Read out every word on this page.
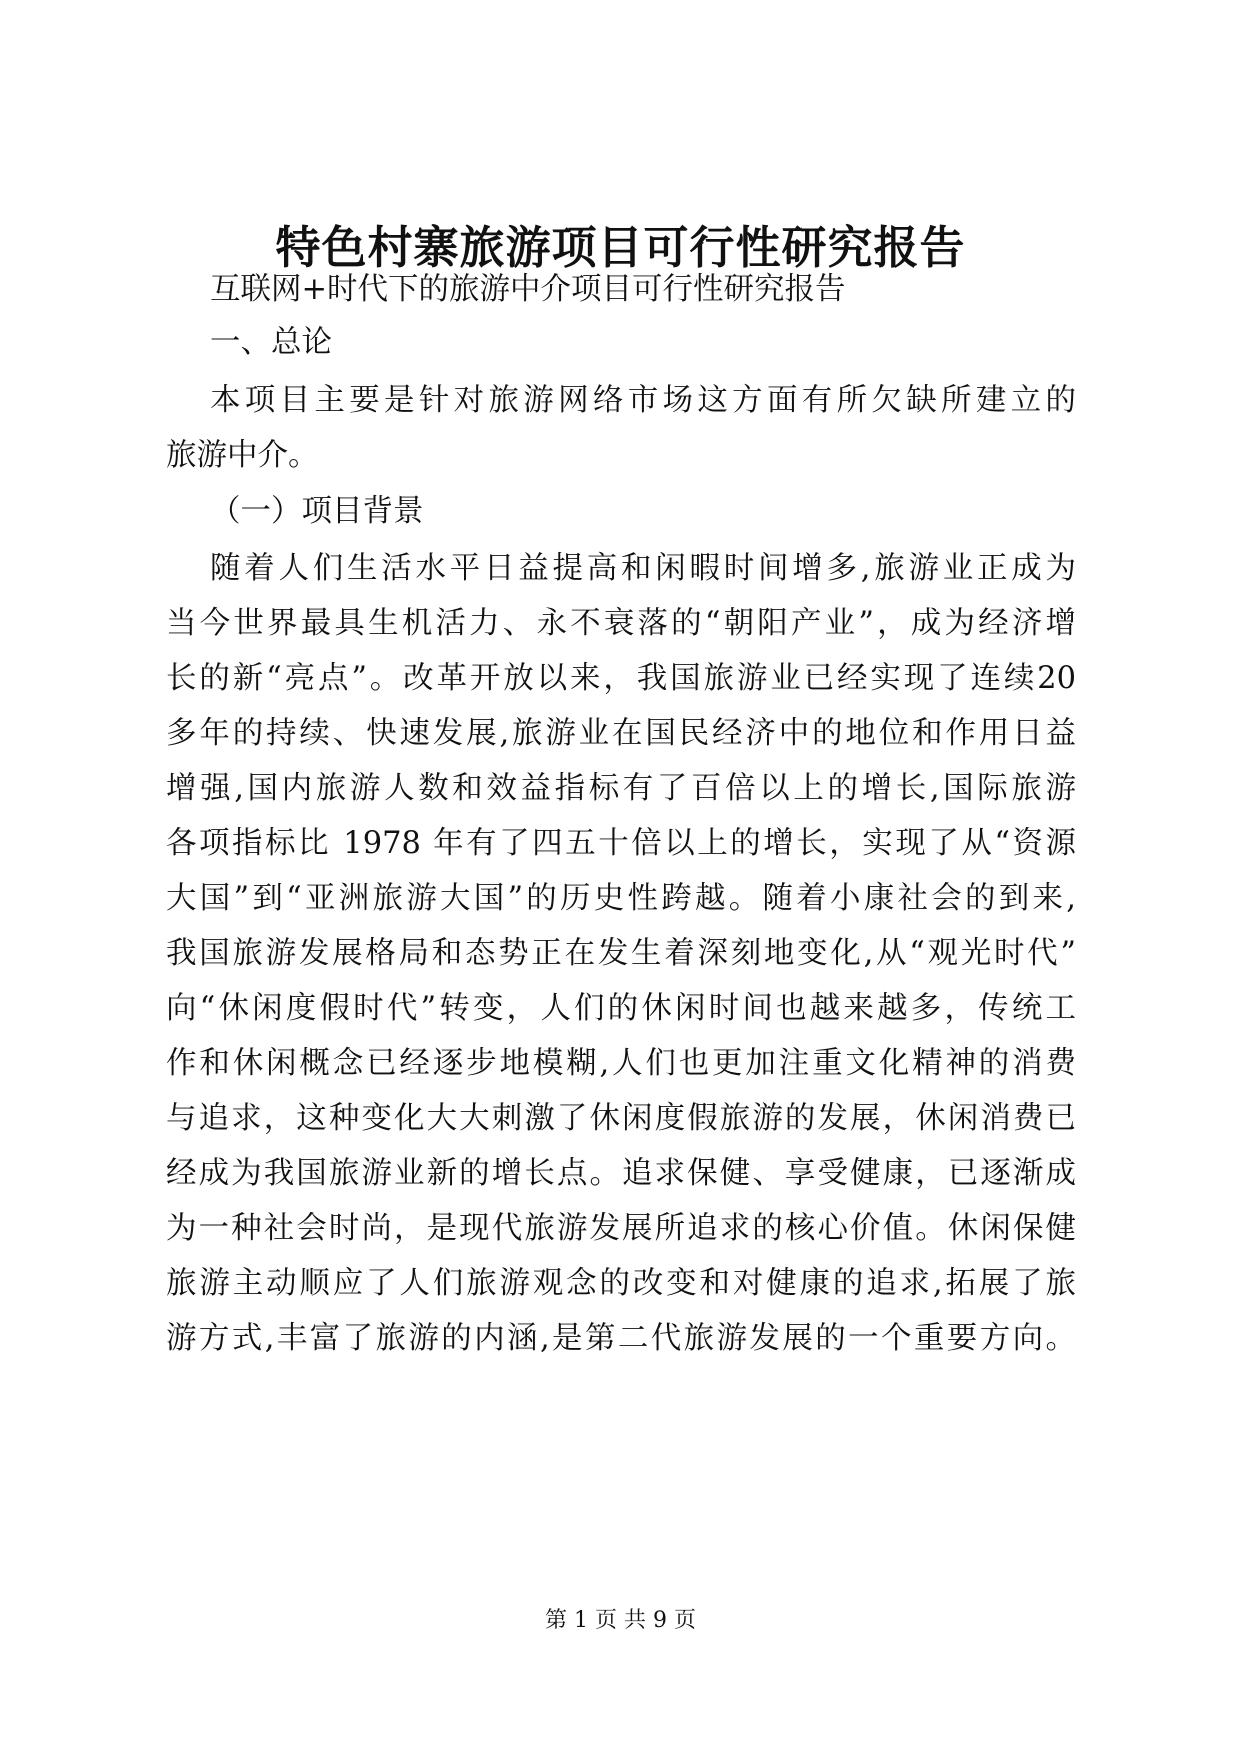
特色村寨旅游项目可行性研究报告
互联网+时代下的旅游中介项目可行性研究报告
一、总论
本项目主要是针对旅游网络市场这方面有所欠缺所建立的
旅游中介。
（一）项目背景
随着人们生活水平日益提高和闲暇时间增多,旅游业正成为
当今世界最具生机活力、永不衰落的“朝阳产业”，成为经济增
长的新“亮点”。改革开放以来，我国旅游业已经实现了连续20
多年的持续、快速发展,旅游业在国民经济中的地位和作用日益
增强,国内旅游人数和效益指标有了百倍以上的增长,国际旅游
各项指标比 1978 年有了四五十倍以上的增长，实现了从“资源
大国”到“亚洲旅游大国”的历史性跨越。随着小康社会的到来,
我国旅游发展格局和态势正在发生着深刻地变化,从“观光时代”
向“休闲度假时代”转变，人们的休闲时间也越来越多，传统工
作和休闲概念已经逐步地模糊,人们也更加注重文化精神的消费
与追求，这种变化大大刺激了休闲度假旅游的发展，休闲消费已
经成为我国旅游业新的增长点。追求保健、享受健康，已逐渐成
为一种社会时尚，是现代旅游发展所追求的核心价值。休闲保健
旅游主动顺应了人们旅游观念的改变和对健康的追求,拓展了旅
游方式,丰富了旅游的内涵,是第二代旅游发展的一个重要方向。
第 1 页 共 9 页
